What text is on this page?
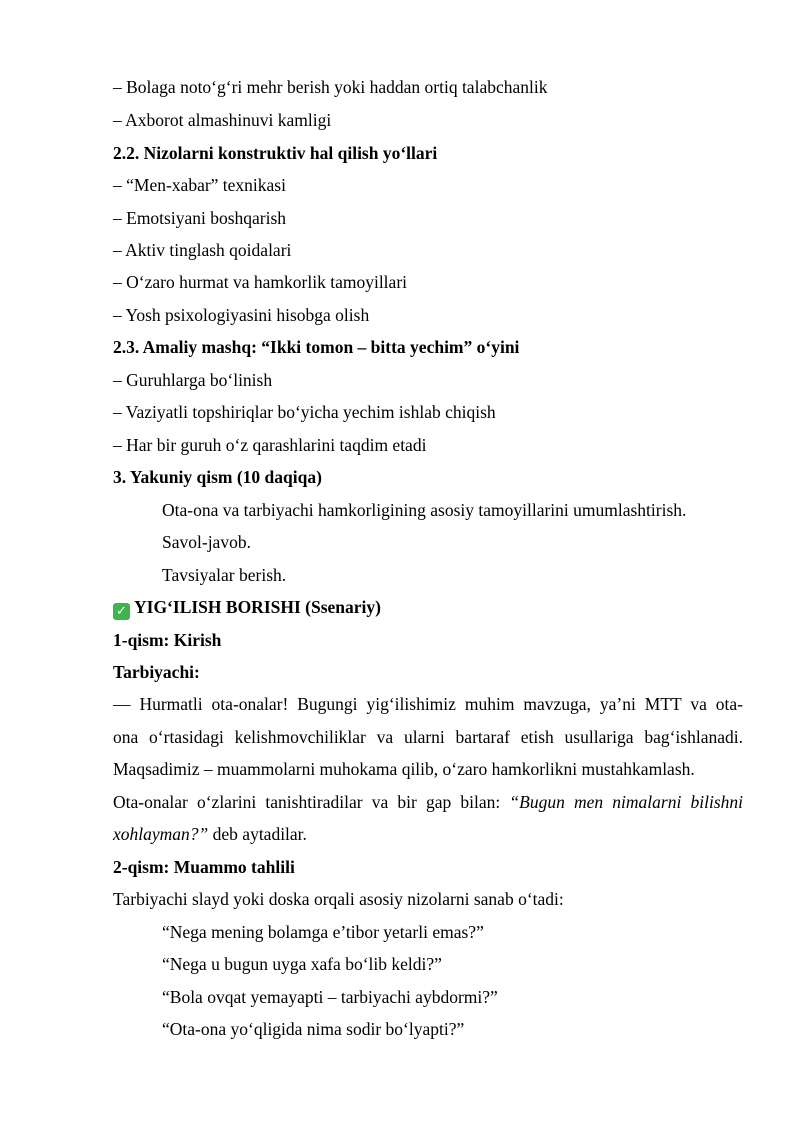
– Bolaga noto‘g‘ri mehr berish yoki haddan ortiq talabchanlik
– Axborot almashinuvi kamligi
2.2. Nizolarni konstruktiv hal qilish yo‘llari
– “Men-xabar” texnikasi
– Emotsiyani boshqarish
– Aktiv tinglash qoidalari
– O‘zaro hurmat va hamkorlik tamoyillari
– Yosh psixologiyasini hisobga olish
2.3. Amaliy mashq: “Ikki tomon – bitta yechim” o‘yini
– Guruhlarga bo‘linish
– Vaziyatli topshiriqlar bo‘yicha yechim ishlab chiqish
– Har bir guruh o‘z qarashlarini taqdim etadi
3. Yakuniy qism (10 daqiqa)
Ota-ona va tarbiyachi hamkorligining asosiy tamoyillarini umumlashtirish.
Savol-javob.
Tavsiyalar berish.
✓ YIG‘ILISH BORISHI (Ssenariy)
1-qism: Kirish
Tarbiyachi:
— Hurmatli ota-onalar! Bugungi yig‘ilishimiz muhim mavzuga, ya’ni MTT va ota-
ona o‘rtasidagi kelishmovchiliklar va ularni bartaraf etish usullariga bag‘ishlanadi.
Maqsadimiz – muammolarni muhokama qilib, o‘zaro hamkorlikni mustahkamlash.
Ota-onalar o‘zlarini tanishtiradilar va bir gap bilan: “Bugun men nimalarni bilishni
xohlayman?” deb aytadilar.
2-qism: Muammo tahlili
Tarbiyachi slayd yoki doska orqali asosiy nizolarni sanab o‘tadi:
“Nega mening bolamga e’tibor yetarli emas?”
“Nega u bugun uyga xafa bo‘lib keldi?”
“Bola ovqat yemayapti – tarbiyachi aybdormi?”
“Ota-ona yo‘qligida nima sodir bo‘lyapti?”
